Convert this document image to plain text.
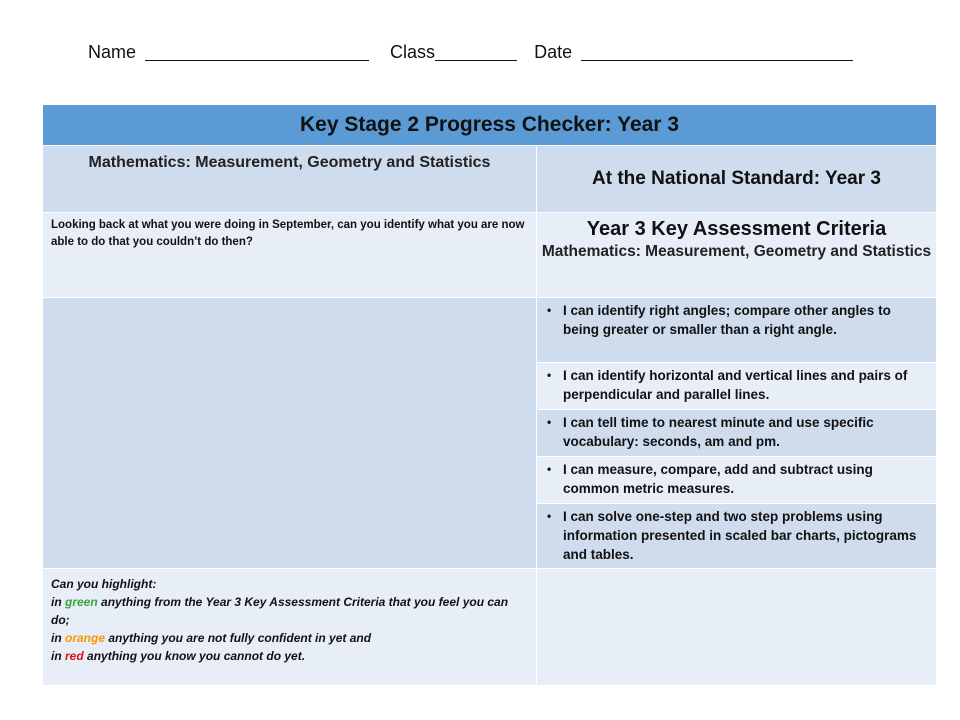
Name	Class	Date
Key Stage 2 Progress Checker: Year 3	
Mathematics: Measurement, Geometry and Statistics	At the National Standard: Year 3
Looking back at what you were doing in September, can you identify what you are now able to do that you couldn’t do then?	Year 3 Key Assessment Criteria
Mathematics: Measurement, Geometry and Statistics

	• I can identify right angles; compare other angles to being greater or smaller than a right angle.

	• I can identify horizontal and vertical lines and pairs of perpendicular and parallel lines.

	• I can tell time to nearest minute and use specific vocabulary: seconds, am and pm.

	• I can measure, compare, add and subtract using common metric measures.

	• I can solve one-step and two step problems using information presented in scaled bar charts, pictograms and tables.

Can you highlight:
in green anything from the Year 3 Key Assessment Criteria that you feel you can do;
in orange anything you are not fully confident in yet and
in red anything you know you cannot do yet.	
